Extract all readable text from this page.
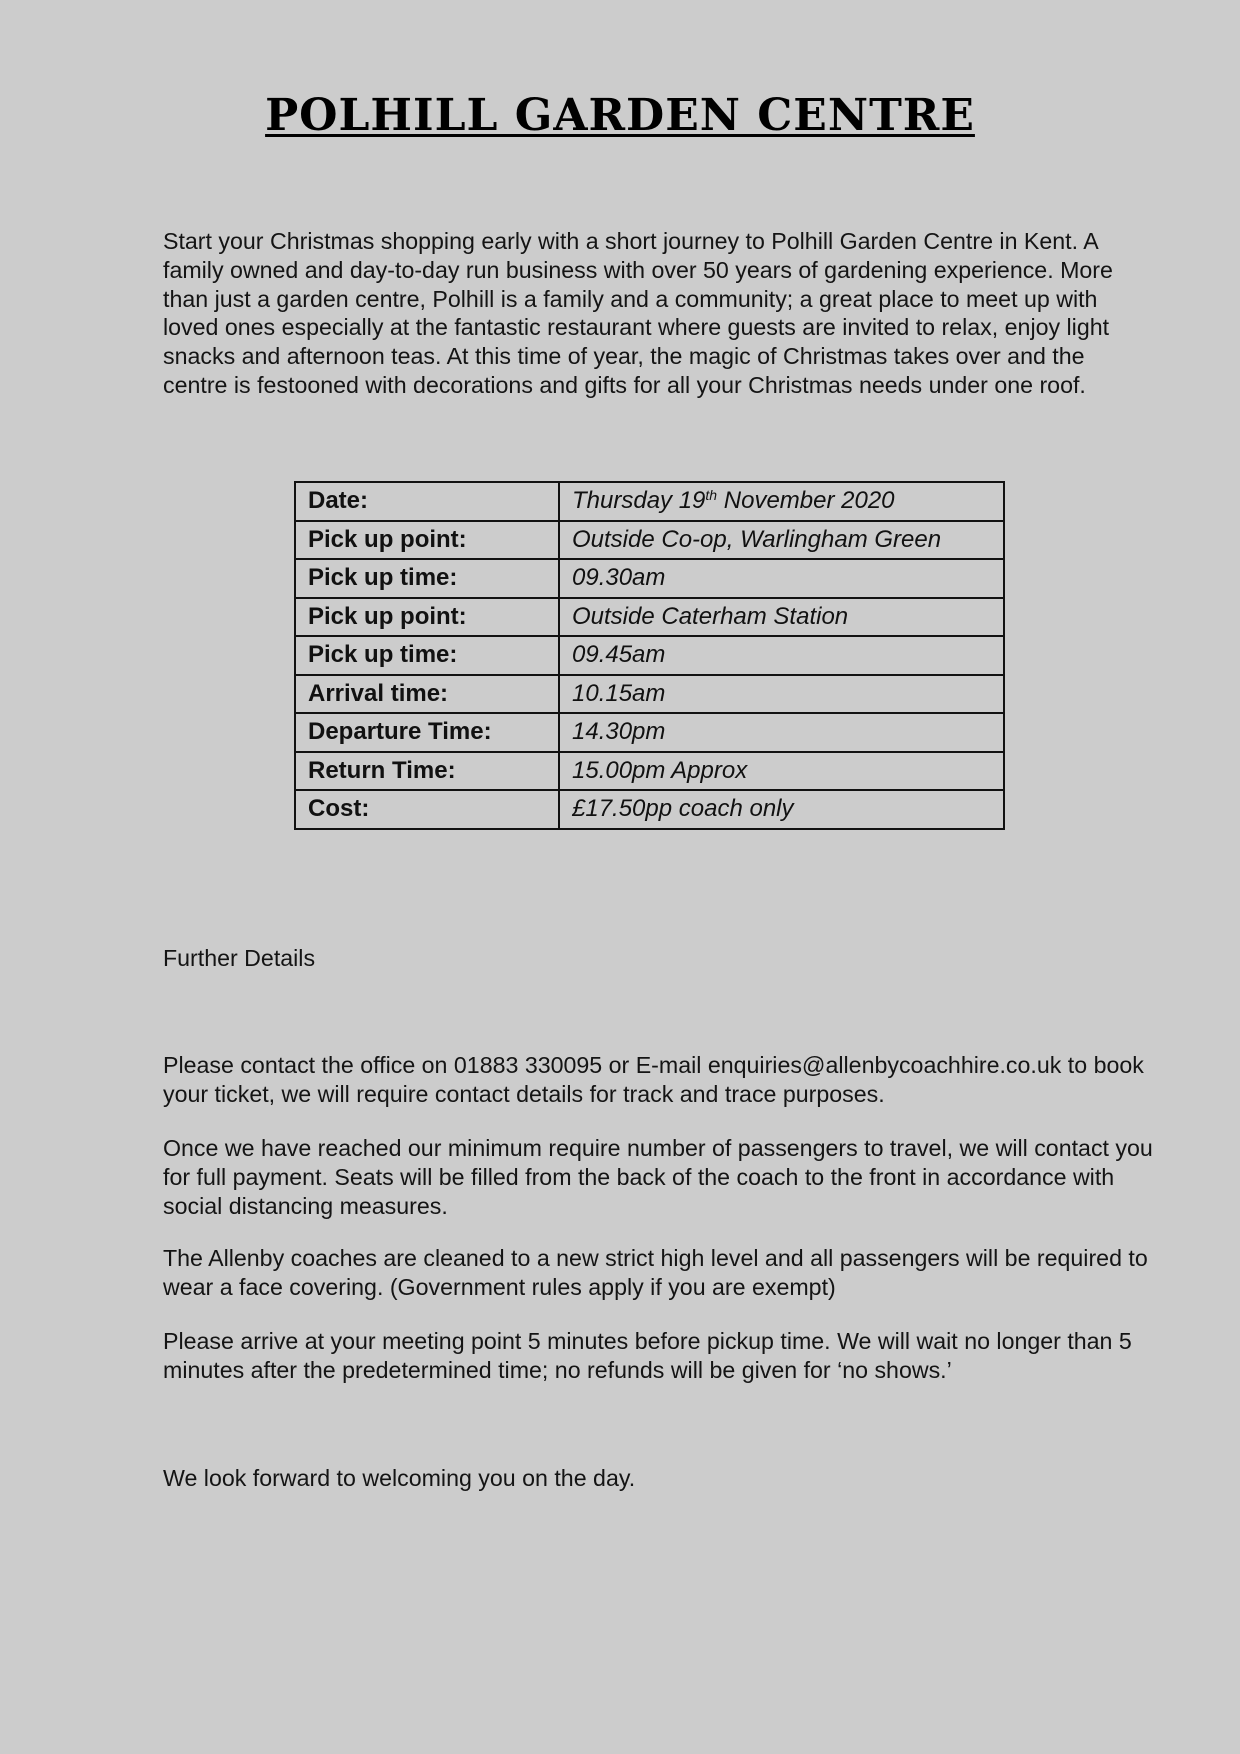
POLHILL GARDEN CENTRE

Start your Christmas shopping early with a short journey to Polhill Garden Centre in Kent. A family owned and day-to-day run business with over 50 years of gardening experience. More than just a garden centre, Polhill is a family and a community; a great place to meet up with loved ones especially at the fantastic restaurant where guests are invited to relax, enjoy light snacks and afternoon teas. At this time of year, the magic of Christmas takes over and the centre is festooned with decorations and gifts for all your Christmas needs under one roof.

Date:	Thursday 19th November 2020
Pick up point:	Outside Co-op, Warlingham Green
Pick up time:	09.30am
Pick up point:	Outside Caterham Station
Pick up time:	09.45am
Arrival time:	10.15am
Departure Time:	14.30pm
Return Time:	15.00pm Approx
Cost:	£17.50pp coach only

Further Details

Please contact the office on 01883 330095 or E-mail enquiries@allenbycoachhire.co.uk to book your ticket, we will require contact details for track and trace purposes.

Once we have reached our minimum require number of passengers to travel, we will contact you for full payment. Seats will be filled from the back of the coach to the front in accordance with social distancing measures.

The Allenby coaches are cleaned to a new strict high level and all passengers will be required to wear a face covering. (Government rules apply if you are exempt)

Please arrive at your meeting point 5 minutes before pickup time. We will wait no longer than 5 minutes after the predetermined time; no refunds will be given for ‘no shows.’

We look forward to welcoming you on the day.
